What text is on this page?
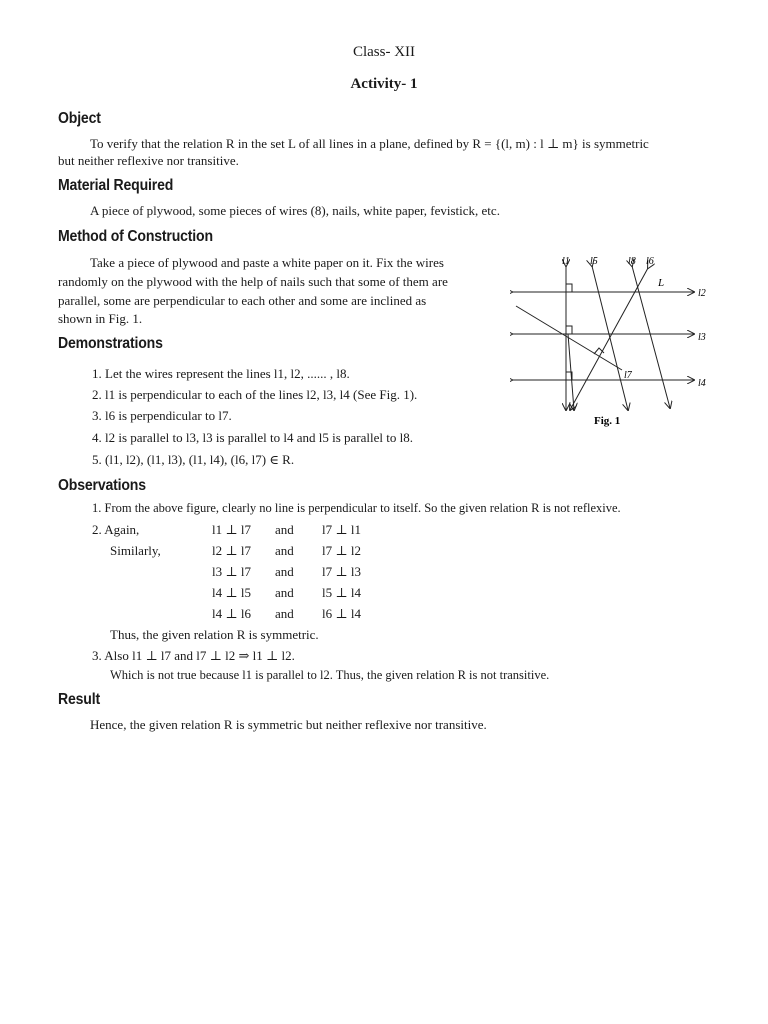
Class- XII
Activity- 1
Object
To verify that the relation R in the set L of all lines in a plane, defined by R = {(l, m) : l ⊥ m} is symmetric
but neither reflexive nor transitive.
Material Required
A piece of plywood, some pieces of wires (8), nails, white paper, fevistick, etc.
Method of Construction
Take a piece of plywood and paste a white paper on it. Fix the wires
randomly on the plywood with the help of nails such that some of them are
parallel, some are perpendicular to each other and some are inclined as
shown in Fig. 1.
l1 l5	l8 l6
L
l2
l3
l4
l7
Fig. 1
Demonstrations
1. Let the wires represent the lines l1, l2, ...... , l8.
2. l1 is perpendicular to each of the lines l2, l3, l4 (See Fig. 1).
3. l6 is perpendicular to l7.
4. l2 is parallel to l3, l3 is parallel to l4 and l5 is parallel to l8.
5. (l1, l2), (l1, l3), (l1, l4), (l6, l7) ∈ R.
Observations
1. From the above figure, clearly no line is perpendicular to itself. So the given relation R is not reflexive.
2. Again,
Similarly,
l1 ⊥ l7 and l7 ⊥ l1
l2 ⊥ l7 and l7 ⊥ l2
l3 ⊥ l7 and l7 ⊥ l3
l4 ⊥ l5 and l5 ⊥ l4
l4 ⊥ l6 and l6 ⊥ l4
Thus, the given relation R is symmetric.
3. Also l1 ⊥ l7 and l7 ⊥ l2 ⇒ l1 ⊥ l2.
Which is not true because l1 is parallel to l2. Thus, the given relation R is not transitive.
Result
Hence, the given relation R is symmetric but neither reflexive nor transitive.
